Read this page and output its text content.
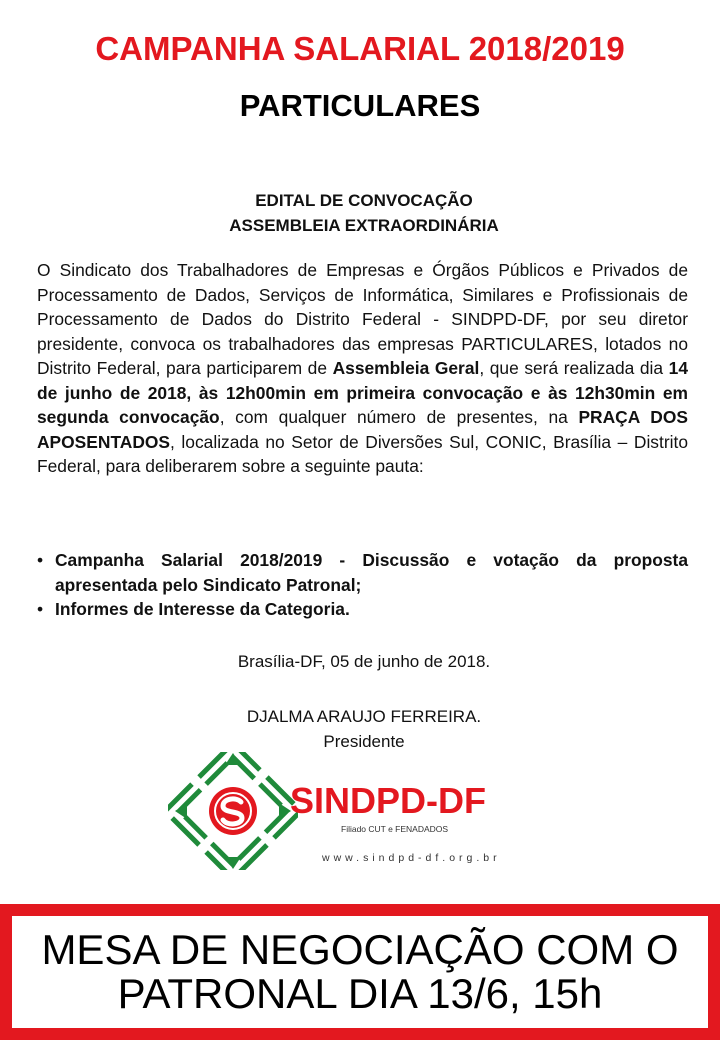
CAMPANHA SALARIAL 2018/2019
PARTICULARES
EDITAL DE CONVOCAÇÃO
ASSEMBLEIA EXTRAORDINÁRIA
O Sindicato dos Trabalhadores de Empresas e Órgãos Públicos e Privados de Processamento de Dados, Serviços de Informática, Similares e Profissionais de Processamento de Dados do Distrito Federal - SINDPD-DF, por seu diretor presidente, convoca os trabalhadores das empresas PARTICULARES, lotados no Distrito Federal, para participarem de Assembleia Geral, que será realizada dia 14 de junho de 2018, às 12h00min em primeira convocação e às 12h30min em segunda convocação, com qualquer número de presentes, na PRAÇA DOS APOSENTADOS, localizada no Setor de Diversões Sul, CONIC, Brasília – Distrito Federal, para deliberarem sobre a seguinte pauta:
• Campanha Salarial 2018/2019 - Discussão e votação da proposta apresentada pelo Sindicato Patronal;
• Informes de Interesse da Categoria.
Brasília-DF, 05 de junho de 2018.
DJALMA ARAUJO FERREIRA.
Presidente
SINDPD-DF
Filiado CUT e FENADADOS
www.sindpd-df.org.br
MESA DE NEGOCIAÇÃO COM O
PATRONAL DIA 13/6, 15h
